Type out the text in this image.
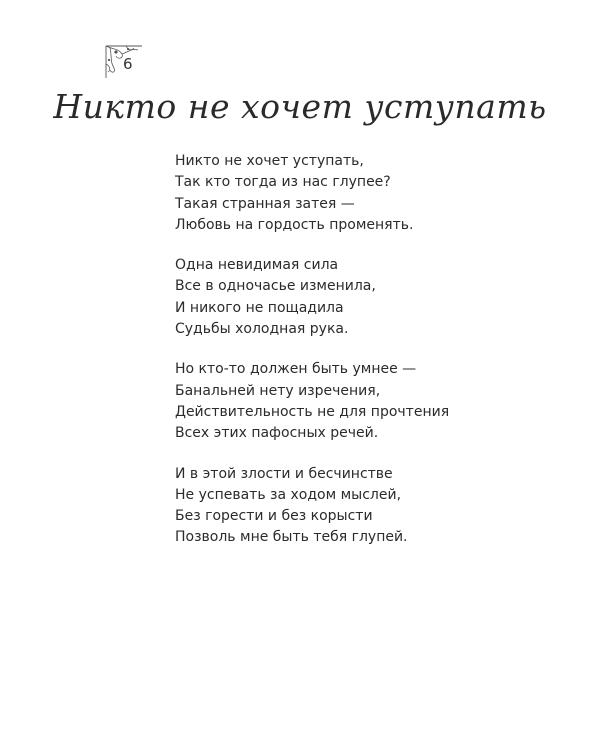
6
Никто не хочет уступать
Никто не хочет уступать,
Так кто тогда из нас глупее?
Такая странная затея —
Любовь на гордость променять.
Одна невидимая сила
Все в одночасье изменила,
И никого не пощадила
Судьбы холодная рука.
Но кто-то должен быть умнее —
Банальней нету изречения,
Действительность не для прочтения
Всех этих пафосных речей.
И в этой злости и бесчинстве
Не успевать за ходом мыслей,
Без горести и без корысти
Позволь мне быть тебя глупей.
